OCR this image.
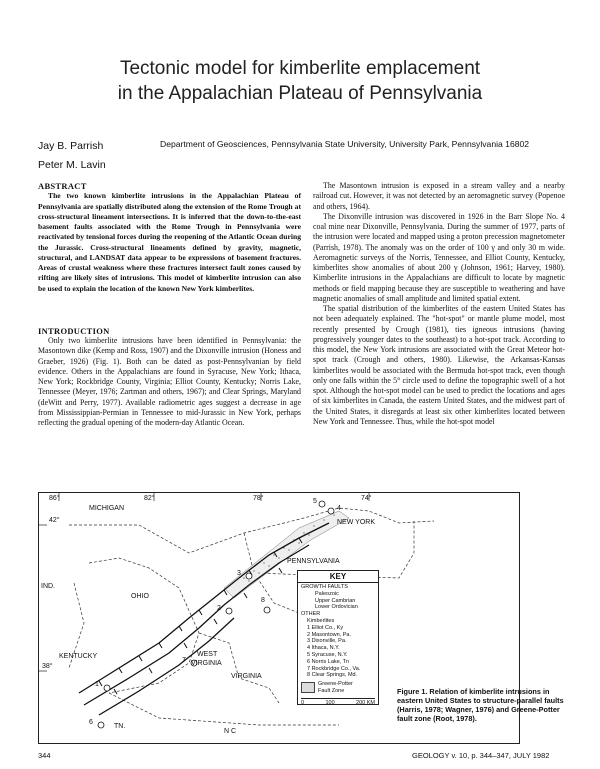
Tectonic model for kimberlite emplacement
in the Appalachian Plateau of Pennsylvania
Jay B. Parrish
Peter M. Lavin
Department of Geosciences, Pennsylvania State University, University Park, Pennsylvania 16802
ABSTRACT
The two known kimberlite intrusions in the Appalachian Plateau of Pennsylvania are spatially distributed along the extension of the Rome Trough at cross-structural lineament intersections. It is inferred that the down-to-the-east basement faults associated with the Rome Trough in Pennsylvania were reactivated by tensional forces during the reopening of the Atlantic Ocean during the Jurassic. Cross-structural lineaments defined by gravity, magnetic, structural, and LANDSAT data appear to be expressions of basement fractures. Areas of crustal weakness where these fractures intersect fault zones caused by rifting are likely sites of intrusions. This model of kimberlite intrusion can also be used to explain the location of the known New York kimberlites.
INTRODUCTION

Only two kimberlite intrusions have been identified in Pennsylvania: the Masontown dike (Kemp and Ross, 1907) and the Dixonville intrusion (Honess and Graeber, 1926) (Fig. 1). Both can be dated as post-Pennsylvanian by field evidence. Others in the Appalachians are found in Syracuse, New York; Ithaca, New York; Rockbridge County, Virginia; Elliot County, Kentucky; Norris Lake, Tennessee (Meyer, 1976; Zartman and others, 1967); and Clear Springs, Maryland (deWitt and Perry, 1977). Available radiometric ages suggest a decrease in age from Mississippian-Permian in Tennessee to mid-Jurassic in New York, perhaps reflecting the gradual opening of the modern-day Atlantic Ocean.

The Masontown intrusion is exposed in a stream valley and a nearby railroad cut. However, it was not detected by an aeromagnetic survey (Popenoe and others, 1964).

The Dixonville intrusion was discovered in 1926 in the Barr Slope No. 4 coal mine near Dixonville, Pennsylvania. During the summer of 1977, parts of the intrusion were located and mapped using a proton precession magnetometer (Parrish, 1978). The anomaly was on the order of 100 γ and only 30 m wide. Aeromagnetic surveys of the Norris, Tennessee, and Elliot County, Kentucky, kimberlites show anomalies of about 200 γ (Johnson, 1961; Harvey, 1980). Kimberlite intrusions in the Appalachians are difficult to locate by magnetic methods or field mapping because they are susceptible to weathering and have magnetic anomalies of small amplitude and limited spatial extent.

The spatial distribution of the kimberlites of the eastern United States has not been adequately explained. The "hot-spot" or mantle plume model, most recently presented by Crough (1981), ties igneous intrusions (having progressively younger dates to the southeast) to a hot-spot track. According to this model, the New York intrusions are associated with the Great Meteor hot-spot track (Crough and others, 1980). Likewise, the Arkansas-Kansas kimberlites would be associated with the Bermuda hot-spot track, even though only one falls within the 5° circle used to define the topographic swell of a hot spot. Although the hot-spot model can be used to predict the locations and ages of six kimberlites in Canada, the eastern United States, and the midwest part of the United States, it disregards at least six other kimberlites located between New York and Tennessee. Thus, while the hot-spot model

86°	82°	78°	74°
42°
38°
MICHIGAN
NEW YORK
PENNSYLVANIA
IND.
OHIO
KENTUCKY	WEST
VIRGINIA
VIRGINIA
TN.
N C
1
2
3
4
5
6
7
8
KEY
GROWTH FAULTS
Paleozoic
Upper Cambrian
Lower Ordovician
OTHER
Kimberlites
1 Elliot Co., Ky
2 Masontown, Pa.
3 Dixonville, Pa.
4 Ithaca, N.Y.
5 Syracuse, N.Y.
6 Norris Lake, Tn
7 Rockbridge Co., Va.
8 Clear Springs, Md.
Greene-Potter
Fault Zone
0	100	200 KM
Figure 1. Relation of kimberlite intrusions in eastern United States to structure-parallel faults (Harris, 1978; Wagner, 1976) and Greene-Potter fault zone (Root, 1978).
344	GEOLOGY v. 10, p. 344–347, JULY 1982
